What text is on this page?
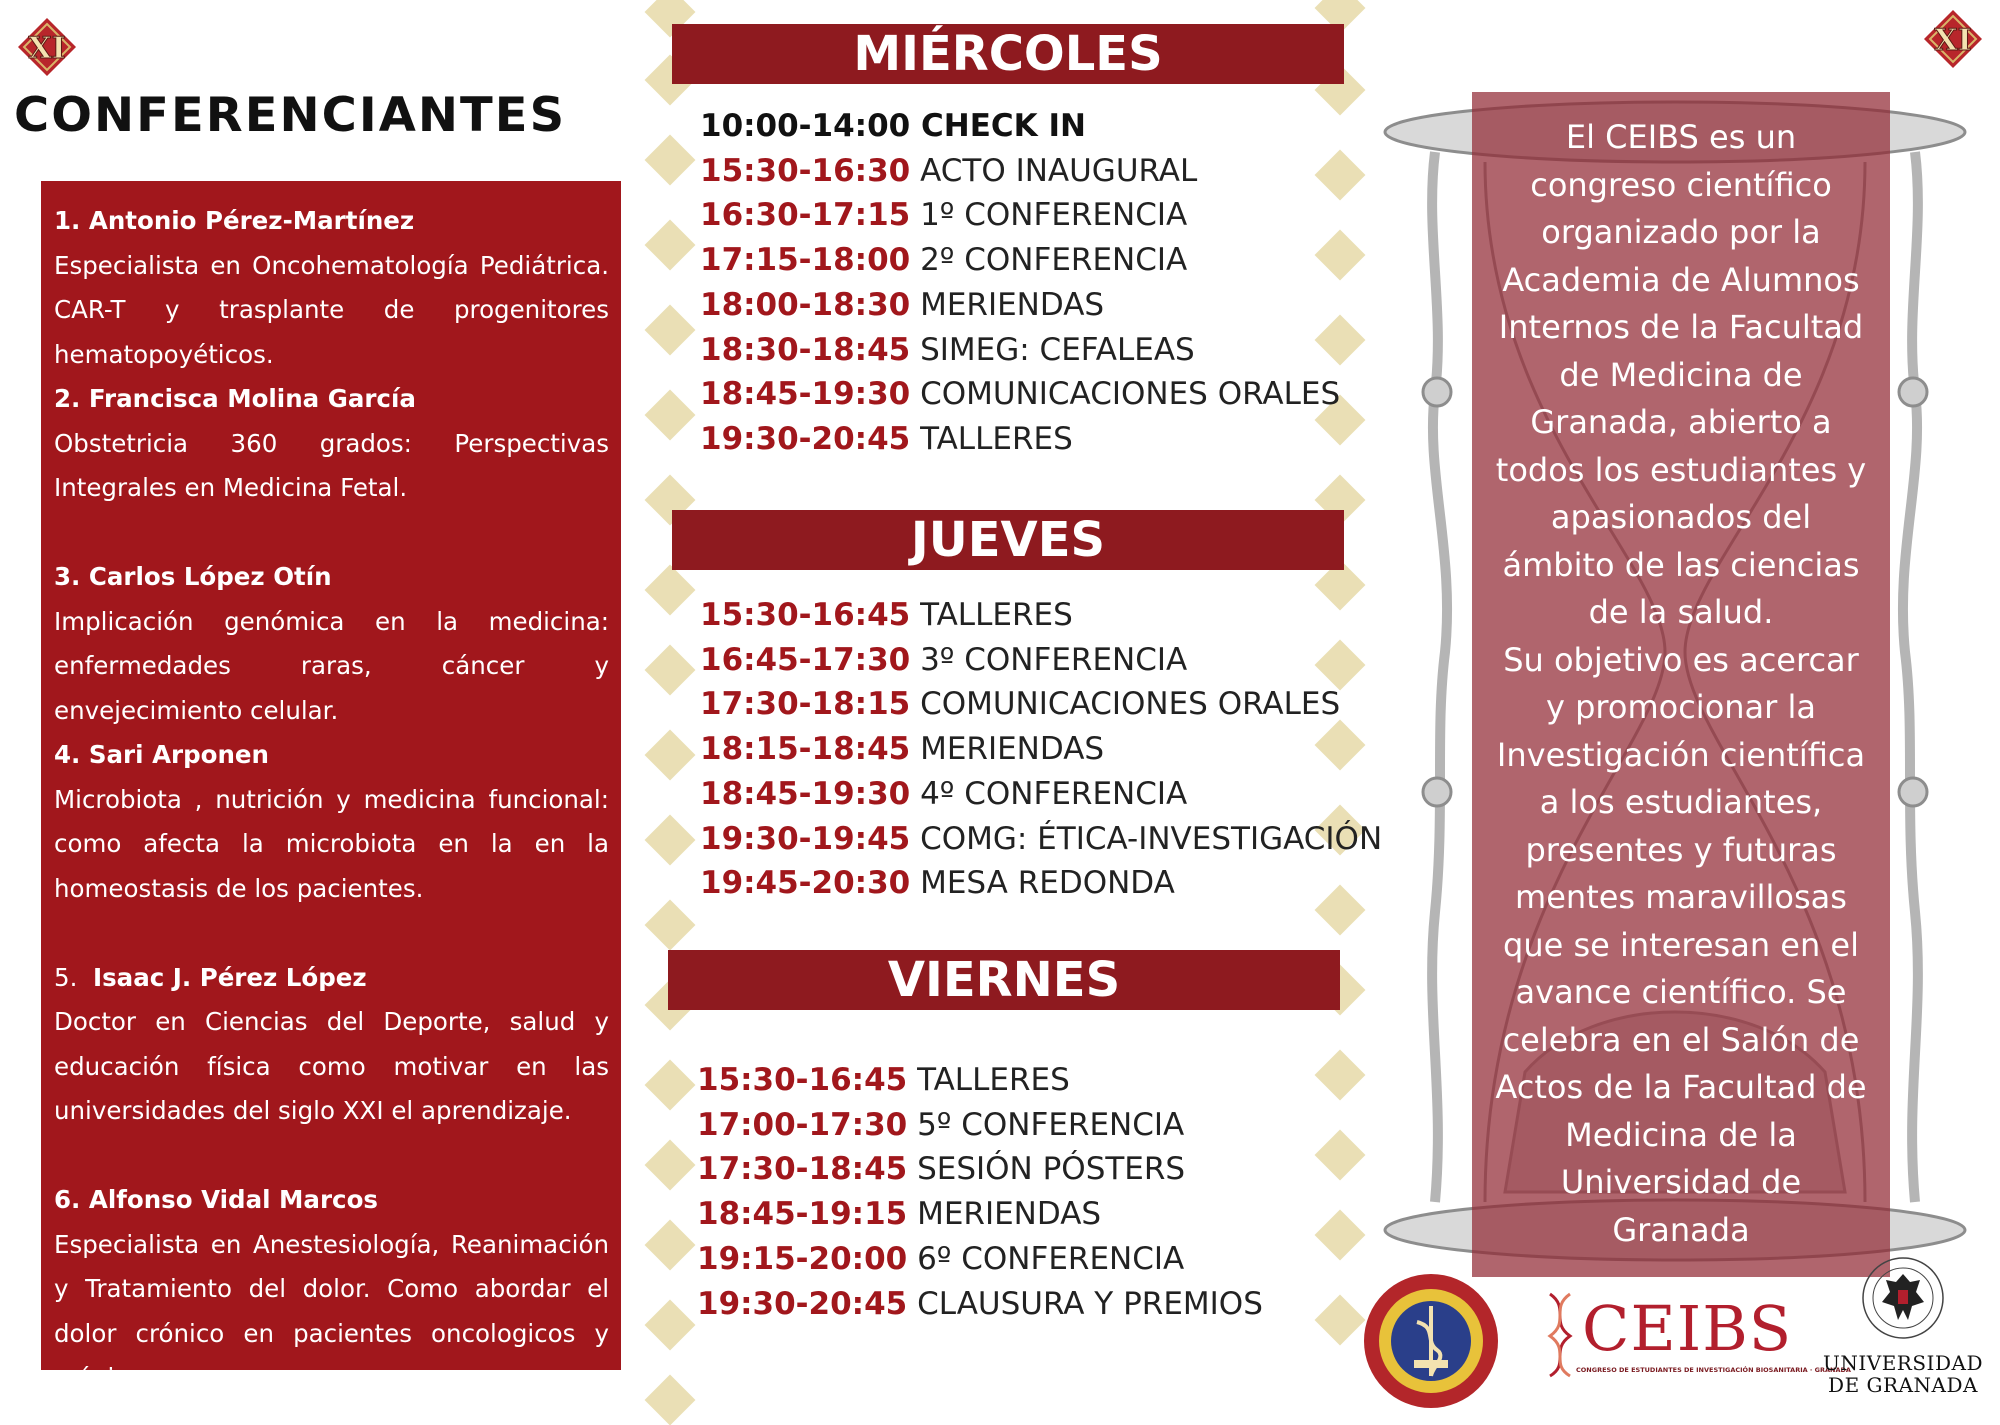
XI	XI
CONFERENCIANTES
1. Antonio Pérez-Martínez
Especialista en Oncohematología Pediátrica. CAR-T y trasplante de progenitores hematopoyéticos.
2. Francisca Molina García
Obstetricia 360 grados: Perspectivas Integrales en Medicina Fetal.
3. Carlos López Otín
Implicación genómica en la medicina: enfermedades raras, cáncer y envejecimiento celular.
4. Sari Arponen
Microbiota , nutrición y medicina funcional: como afecta la microbiota en la en la homeostasis de los pacientes.
5. Isaac J. Pérez López
Doctor en Ciencias del Deporte, salud y educación física como motivar en las universidades del siglo XXI el aprendizaje.
6. Alfonso Vidal Marcos
Especialista en Anestesiología, Reanimación y Tratamiento del dolor. Como abordar el dolor crónico en pacientes oncologicos y crónicos
MIÉRCOLES
10:00-14:00 CHECK IN
15:30-16:30 ACTO INAUGURAL
16:30-17:15 1º CONFERENCIA
17:15-18:00 2º CONFERENCIA
18:00-18:30 MERIENDAS
18:30-18:45 SIMEG: CEFALEAS
18:45-19:30 COMUNICACIONES ORALES
19:30-20:45 TALLERES
JUEVES
15:30-16:45 TALLERES
16:45-17:30 3º CONFERENCIA
17:30-18:15 COMUNICACIONES ORALES
18:15-18:45 MERIENDAS
18:45-19:30 4º CONFERENCIA
19:30-19:45 COMG: ÉTICA-INVESTIGACIÓN
19:45-20:30 MESA REDONDA
VIERNES
15:30-16:45 TALLERES
17:00-17:30 5º CONFERENCIA
17:30-18:45 SESIÓN PÓSTERS
18:45-19:15 MERIENDAS
19:15-20:00 6º CONFERENCIA
19:30-20:45 CLAUSURA Y PREMIOS
El CEIBS es un
congreso científico
organizado por la
Academia de Alumnos
Internos de la Facultad
de Medicina de
Granada, abierto a
todos los estudiantes y
apasionados del
ámbito de las ciencias
de la salud.
Su objetivo es acercar
y promocionar la
Investigación científica
a los estudiantes,
presentes y futuras
mentes maravillosas
que se interesan en el
avance científico. Se
celebra en el Salón de
Actos de la Facultad de
Medicina de la
Universidad de
Granada
CEIBS
CONGRESO DE ESTUDIANTES DE INVESTIGACIÓN BIOSANITARIA · GRANADA
UNIVERSIDAD
DE GRANADA
